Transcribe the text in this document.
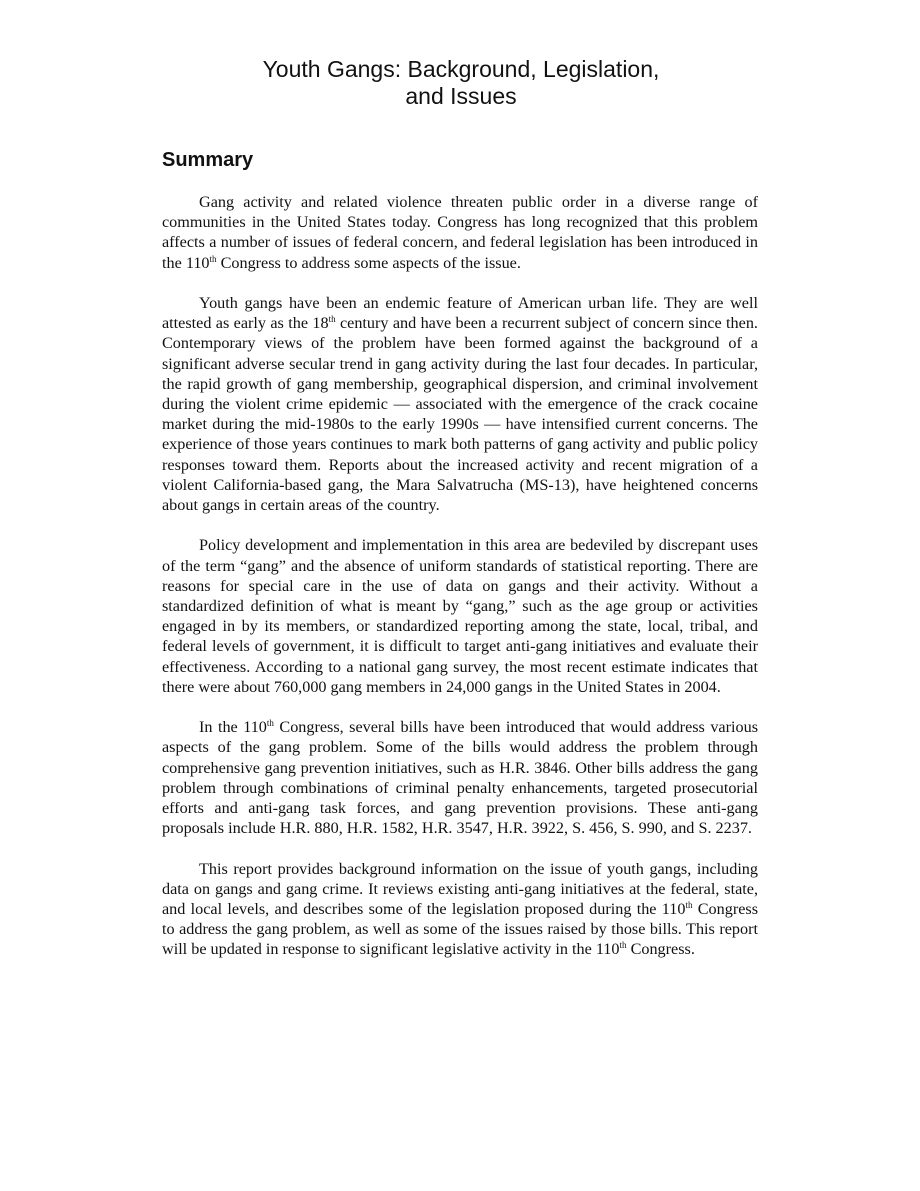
Youth Gangs: Background, Legislation,
and Issues
Summary

Gang activity and related violence threaten public order in a diverse range of communities in the United States today. Congress has long recognized that this problem affects a number of issues of federal concern, and federal legislation has been introduced in the 110th Congress to address some aspects of the issue.

Youth gangs have been an endemic feature of American urban life. They are well attested as early as the 18th century and have been a recurrent subject of concern since then. Contemporary views of the problem have been formed against the background of a significant adverse secular trend in gang activity during the last four decades. In particular, the rapid growth of gang membership, geographical dispersion, and criminal involvement during the violent crime epidemic — associated with the emergence of the crack cocaine market during the mid-1980s to the early 1990s — have intensified current concerns. The experience of those years continues to mark both patterns of gang activity and public policy responses toward them. Reports about the increased activity and recent migration of a violent California-based gang, the Mara Salvatrucha (MS-13), have heightened concerns about gangs in certain areas of the country.

Policy development and implementation in this area are bedeviled by discrepant uses of the term “gang” and the absence of uniform standards of statistical reporting. There are reasons for special care in the use of data on gangs and their activity. Without a standardized definition of what is meant by “gang,” such as the age group or activities engaged in by its members, or standardized reporting among the state, local, tribal, and federal levels of government, it is difficult to target anti-gang initiatives and evaluate their effectiveness. According to a national gang survey, the most recent estimate indicates that there were about 760,000 gang members in 24,000 gangs in the United States in 2004.

In the 110th Congress, several bills have been introduced that would address various aspects of the gang problem. Some of the bills would address the problem through comprehensive gang prevention initiatives, such as H.R. 3846. Other bills address the gang problem through combinations of criminal penalty enhancements, targeted prosecutorial efforts and anti-gang task forces, and gang prevention provisions. These anti-gang proposals include H.R. 880, H.R. 1582, H.R. 3547, H.R. 3922, S. 456, S. 990, and S. 2237.

This report provides background information on the issue of youth gangs, including data on gangs and gang crime. It reviews existing anti-gang initiatives at the federal, state, and local levels, and describes some of the legislation proposed during the 110th Congress to address the gang problem, as well as some of the issues raised by those bills. This report will be updated in response to significant legislative activity in the 110th Congress.
